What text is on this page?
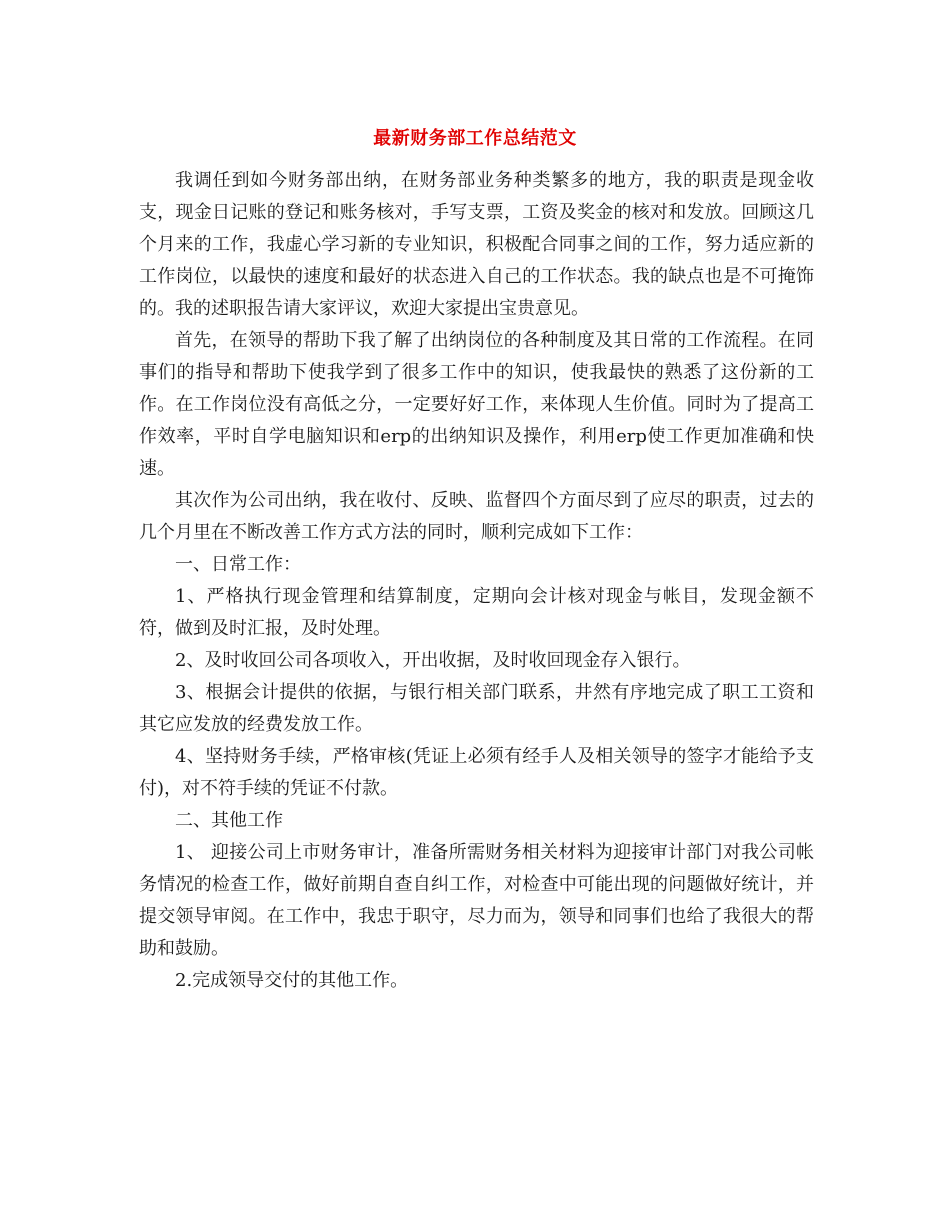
最新财务部工作总结范文

我调任到如今财务部出纳，在财务部业务种类繁多的地方，我的职责是现金收支，现金日记账的登记和账务核对，手写支票，工资及奖金的核对和发放。回顾这几个月来的工作，我虚心学习新的专业知识，积极配合同事之间的工作，努力适应新的工作岗位，以最快的速度和最好的状态进入自己的工作状态。我的缺点也是不可掩饰的。我的述职报告请大家评议，欢迎大家提出宝贵意见。

首先，在领导的帮助下我了解了出纳岗位的各种制度及其日常的工作流程。在同事们的指导和帮助下使我学到了很多工作中的知识，使我最快的熟悉了这份新的工作。在工作岗位没有高低之分，一定要好好工作，来体现人生价值。同时为了提高工作效率，平时自学电脑知识和erp的出纳知识及操作，利用erp使工作更加准确和快速。

其次作为公司出纳，我在收付、反映、监督四个方面尽到了应尽的职责，过去的几个月里在不断改善工作方式方法的同时，顺利完成如下工作：

一、日常工作：

1、严格执行现金管理和结算制度，定期向会计核对现金与帐目，发现金额不符，做到及时汇报，及时处理。

2、及时收回公司各项收入，开出收据，及时收回现金存入银行。

3、根据会计提供的依据，与银行相关部门联系，井然有序地完成了职工工资和其它应发放的经费发放工作。

4、坚持财务手续，严格审核(凭证上必须有经手人及相关领导的签字才能给予支付)，对不符手续的凭证不付款。

二、其他工作

1、 迎接公司上市财务审计，准备所需财务相关材料为迎接审计部门对我公司帐务情况的检查工作，做好前期自查自纠工作，对检查中可能出现的问题做好统计，并提交领导审阅。在工作中，我忠于职守，尽力而为，领导和同事们也给了我很大的帮助和鼓励。

2.完成领导交付的其他工作。
